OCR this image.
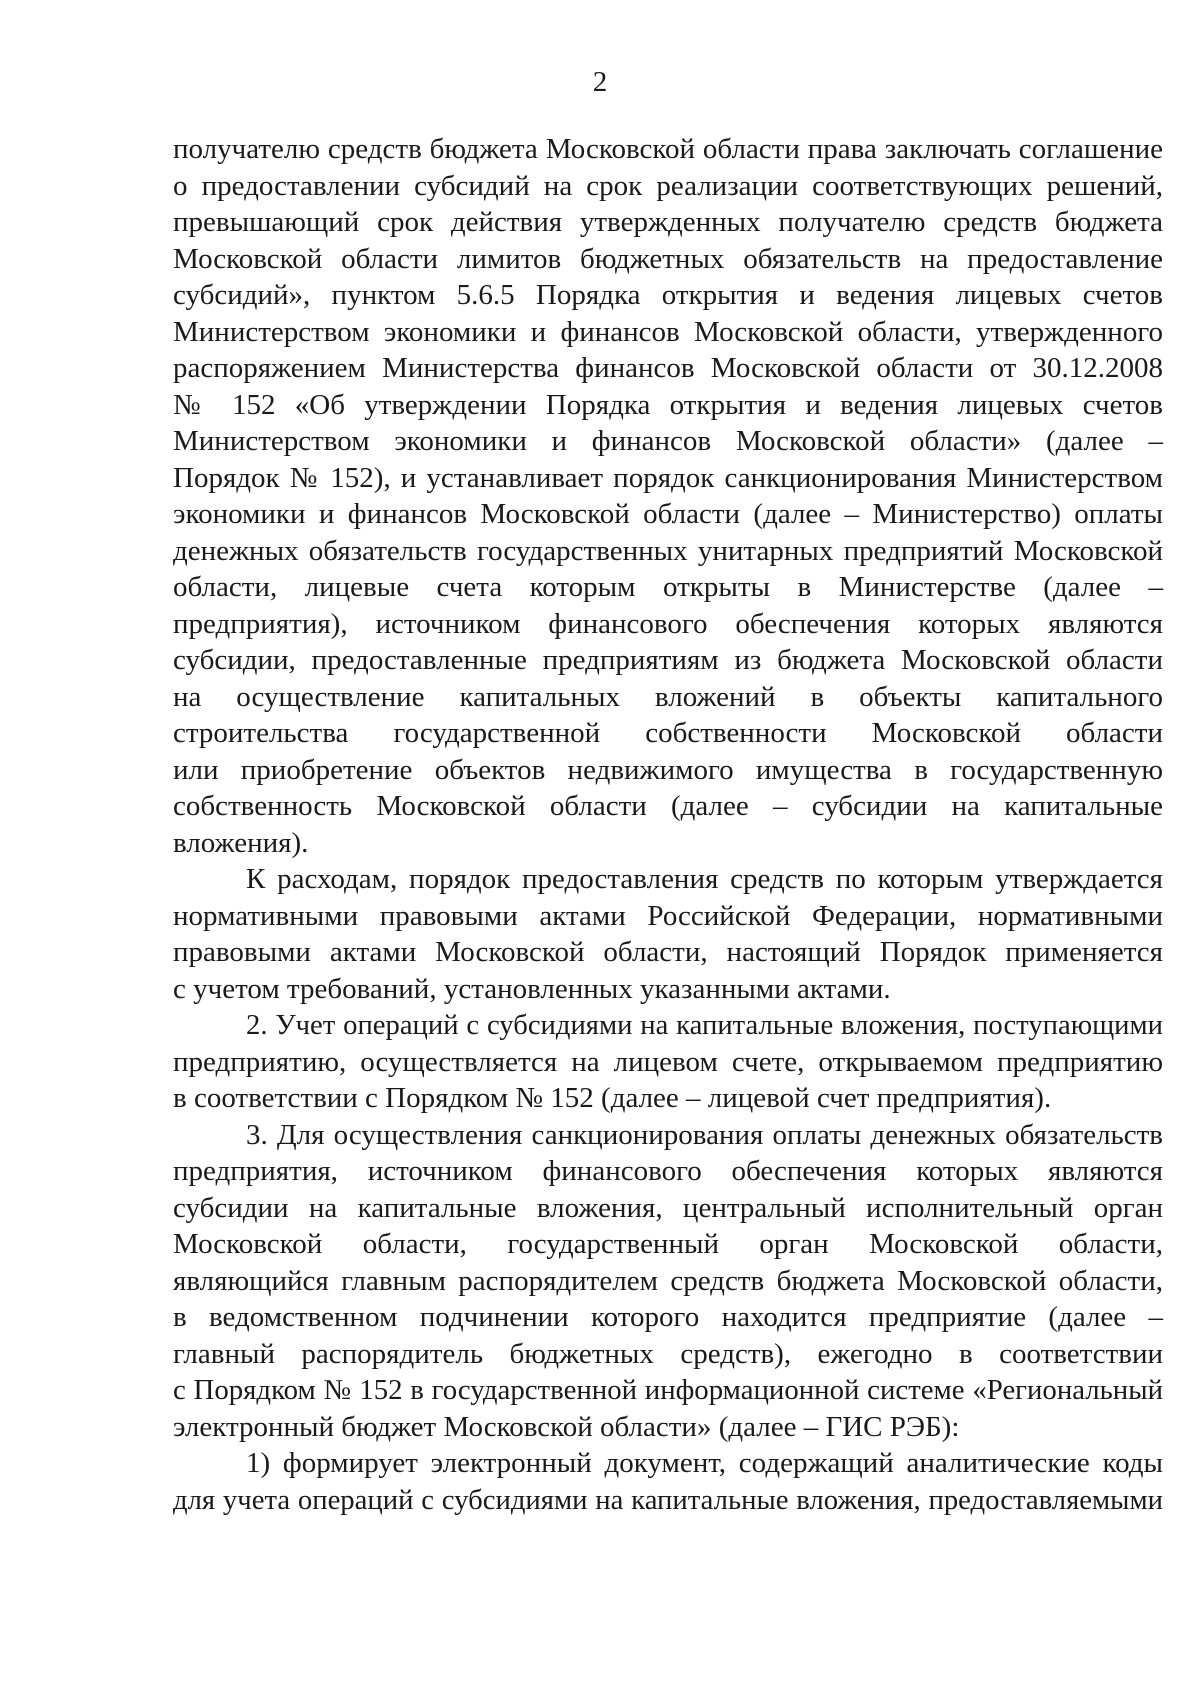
2
получателю средств бюджета Московской области права заключать соглашение
о предоставлении субсидий на срок реализации соответствующих решений,
превышающий срок действия утвержденных получателю средств бюджета
Московской области лимитов бюджетных обязательств на предоставление
субсидий», пунктом 5.6.5 Порядка открытия и ведения лицевых счетов
Министерством экономики и финансов Московской области, утвержденного
распоряжением Министерства финансов Московской области от 30.12.2008
№ 152 «Об утверждении Порядка открытия и ведения лицевых счетов
Министерством экономики и финансов Московской области» (далее –
Порядок № 152), и устанавливает порядок санкционирования Министерством
экономики и финансов Московской области (далее – Министерство) оплаты
денежных обязательств государственных унитарных предприятий Московской
области, лицевые счета которым открыты в Министерстве (далее –
предприятия), источником финансового обеспечения которых являются
субсидии, предоставленные предприятиям из бюджета Московской области
на осуществление капитальных вложений в объекты капитального
строительства государственной собственности Московской области
или приобретение объектов недвижимого имущества в государственную
собственность Московской области (далее – субсидии на капитальные
вложения).
К расходам, порядок предоставления средств по которым утверждается
нормативными правовыми актами Российской Федерации, нормативными
правовыми актами Московской области, настоящий Порядок применяется
с учетом требований, установленных указанными актами.
2. Учет операций с субсидиями на капитальные вложения, поступающими
предприятию, осуществляется на лицевом счете, открываемом предприятию
в соответствии с Порядком № 152 (далее – лицевой счет предприятия).
3. Для осуществления санкционирования оплаты денежных обязательств
предприятия, источником финансового обеспечения которых являются
субсидии на капитальные вложения, центральный исполнительный орган
Московской области, государственный орган Московской области,
являющийся главным распорядителем средств бюджета Московской области,
в ведомственном подчинении которого находится предприятие (далее –
главный распорядитель бюджетных средств), ежегодно в соответствии
с Порядком № 152 в государственной информационной системе «Региональный
электронный бюджет Московской области» (далее – ГИС РЭБ):
1) формирует электронный документ, содержащий аналитические коды
для учета операций с субсидиями на капитальные вложения, предоставляемыми
